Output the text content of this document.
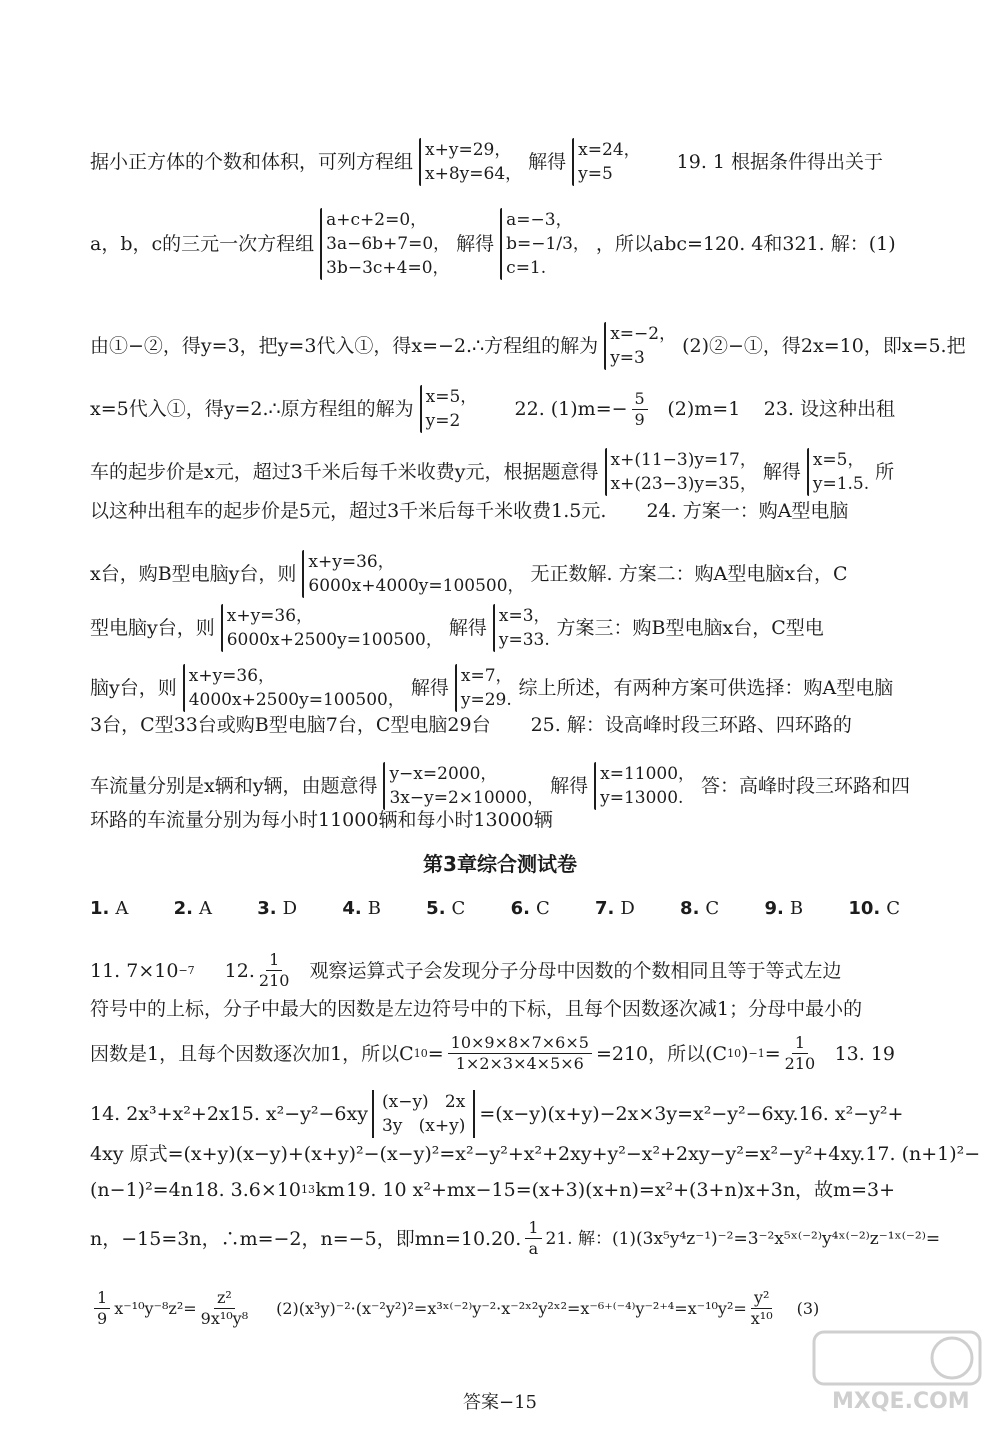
据小正方体的个数和体积，可列方程组
x+y=29，
x+8y=64，
解得
x=24，
y=5
19. 1 根据条件得出关于
a，b，c的三元一次方程组
a+c+2=0，
3a−6b+7=0，
3b−3c+4=0，
解得
a=−3，
b=−1/3，
c=1.
，所以abc=1 20. 4和3 21. 解：(1)
由①−②，得y=3，把y=3代入①，得x=−2.∴方程组的解为
x=−2，
y=3
(2)②−①，得2x=10，即x=5.把
x=5代入①，得y=2.∴原方程组的解为
x=5，
y=2
22. $(1)m=- \frac{5}{9} (2)m=1$ 23. 设这种出租
车的起步价是x元，超过3千米后每千米收费y元，根据题意得
x+(11−3)y=17，
x+(23−3)y=35，
解得
x=5，
y=1.5.
所
以这种出租车的起步价是5元，超过3千米后每千米收费1.5元. 24. 方案一：购A型电脑
x台，购B型电脑y台，则
x+y=36，
6000x+4000y=100500，
无正数解. 方案二：购A型电脑x台，C
型电脑y台，则
x+y=36，
6000x+2500y=100500，
解得
x=3，
y=33.
方案三：购B型电脑x台，C型电
脑y台，则
x+y=36，
4000x+2500y=100500，
解得
x=7，
y=29.
综上所述，有两种方案可供选择：购A型电脑
3台，C型33台或购B型电脑7台，C型电脑29台 25. 解：设高峰时段三环路、四环路的
车流量分别是x辆和y辆，由题意得
y−x=2000，
3x−y=2×10000，
解得
x=11000，
y=13000.
答：高峰时段三环路和四
环路的车流量分别为每小时11000辆和每小时13000辆
第3章综合测试卷
1. A	2. A	3. D	4. B	5. C	6. C	7. D	8. C	9. B	10. C
11. 7×10 −7 12. $\frac{1}{210}$ 观察运算式子会发现分子分母中因数的个数相同且等于等式左边
符号中的上标，分子中最大的因数是左边符号中的下标，且每个因数逐次减1；分母中最小的
因数是1，且每个因数逐次加1，所以C $10 = \frac{10\times 9\times 8\times 7\times 6\times 5}{1\times 2\times 3\times 4\times 5\times 6} =210$，所以(C 10 ) $-1 = \frac{1}{210} 13$. 19
14. 2x³+x²+2x 15. x²−y²−6xy
(x−y) 2x
3y (x+y)
=(x−y)(x+y)−2x×3y=x²−y²−6xy. 16. x²−y²+
4xy 原式=(x+y)(x−y)+(x+y)²−(x−y)²=x²−y²+x²+2xy+y²−x²+2xy−y²=x²−y²+4xy. 17. (n+1)²−
(n−1)²=4n 18. 3.6×10 13 km 19. 10 x²+mx−15=(x+3)(x+n)=x²+(3+n)x+3n，故m=3+
n，−15=3n，∴m=−2，n=−5，即mn=10. 20. $\frac{1}{a} 21$. 解：(1)(3x⁵y⁴z⁻¹)⁻²=3⁻²x⁵ˣ⁽⁻²⁾y⁴ˣ⁽⁻²⁾z⁻¹ˣ⁽⁻²⁾=
$\frac{1}{9} x^{-10}y^{-8}z^2= \frac{\text{z²}}{\text{9x¹⁰y⁸}}$ (2)(x³y)⁻²·(x⁻²y²)²=x³ˣ⁽⁻²⁾y⁻²·x⁻²ˣ²y²ˣ²=x⁻⁶⁺⁽⁻⁴⁾y⁻²⁺⁴=x⁻¹⁰y²= $\frac{\text{y²}}{\text{x¹⁰}} (3)$
答案−15	MXQE.COM
